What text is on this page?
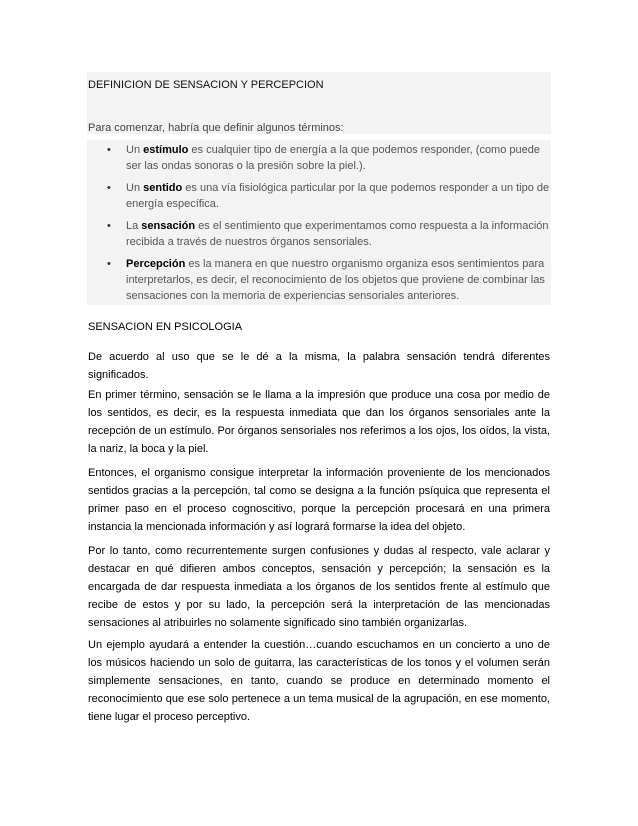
DEFINICION DE SENSACION Y PERCEPCION
Para comenzar, habría que definir algunos términos:
• Un estímulo es cualquier tipo de energía a la que podemos responder, (como puede ser las ondas sonoras o la presión sobre la piel.).
• Un sentido es una vía fisiológica particular por la que podemos responder a un tipo de energía específica.
• La sensación es el sentimiento que experimentamos como respuesta a la información recibida a través de nuestros órganos sensoriales.
• Percepción es la manera en que nuestro organismo organiza esos sentimientos para interpretarlos, es decir, el reconocimiento de los objetos que proviene de combinar las sensaciones con la memoria de experiencias sensoriales anteriores.
SENSACION EN PSICOLOGIA

De acuerdo al uso que se le dé a la misma, la palabra sensación tendrá diferentes significados.

En primer término, sensación se le llama a la impresión que produce una cosa por medio de los sentidos, es decir, es la respuesta inmediata que dan los órganos sensoriales ante la recepción de un estímulo. Por órganos sensoriales nos referimos a los ojos, los oídos, la vista, la nariz, la boca y la piel.

Entonces, el organismo consigue interpretar la información proveniente de los mencionados sentidos gracias a la percepción, tal como se designa a la función psíquica que representa el primer paso en el proceso cognoscitivo, porque la percepción procesará en una primera instancia la mencionada información y así logrará formarse la idea del objeto.

Por lo tanto, como recurrentemente surgen confusiones y dudas al respecto, vale aclarar y destacar en qué difieren ambos conceptos, sensación y percepción; la sensación es la encargada de dar respuesta inmediata a los órganos de los sentidos frente al estímulo que recibe de estos y por su lado, la percepción será la interpretación de las mencionadas sensaciones al atribuirles no solamente significado sino también organizarlas.

Un ejemplo ayudará a entender la cuestión…cuando escuchamos en un concierto a uno de los músicos haciendo un solo de guitarra, las características de los tonos y el volumen serán simplemente sensaciones, en tanto, cuando se produce en determinado momento el reconocimiento que ese solo pertenece a un tema musical de la agrupación, en ese momento, tiene lugar el proceso perceptivo.
